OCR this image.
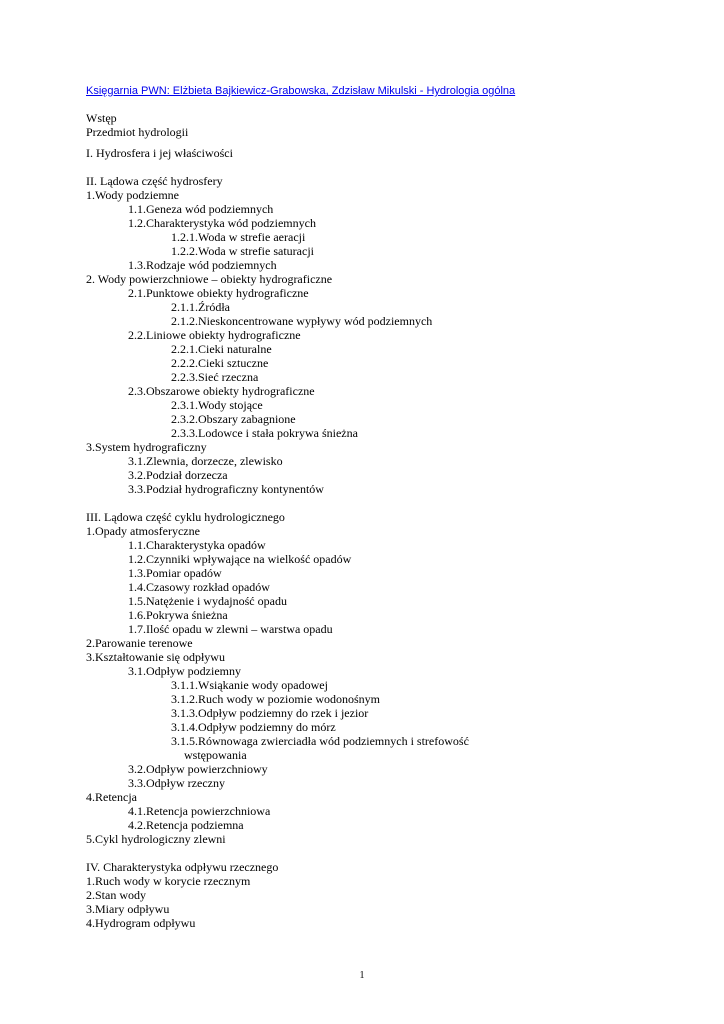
Księgarnia PWN: Elżbieta Bajkiewicz-Grabowska, Zdzisław Mikulski - Hydrologia ogólna
Wstęp
Przedmiot hydrologii
I. Hydrosfera i jej właściwości
II. Lądowa część hydrosfery
1.Wody podziemne
1.1.Geneza wód podziemnych
1.2.Charakterystyka wód podziemnych
1.2.1.Woda w strefie aeracji
1.2.2.Woda w strefie saturacji
1.3.Rodzaje wód podziemnych
2. Wody powierzchniowe – obiekty hydrograficzne
2.1.Punktowe obiekty hydrograficzne
2.1.1.Źródła
2.1.2.Nieskoncentrowane wypływy wód podziemnych
2.2.Liniowe obiekty hydrograficzne
2.2.1.Cieki naturalne
2.2.2.Cieki sztuczne
2.2.3.Sieć rzeczna
2.3.Obszarowe obiekty hydrograficzne
2.3.1.Wody stojące
2.3.2.Obszary zabagnione
2.3.3.Lodowce i stała pokrywa śnieżna
3.System hydrograficzny
3.1.Zlewnia, dorzecze, zlewisko
3.2.Podział dorzecza
3.3.Podział hydrograficzny kontynentów
III. Lądowa część cyklu hydrologicznego
1.Opady atmosferyczne
1.1.Charakterystyka opadów
1.2.Czynniki wpływające na wielkość opadów
1.3.Pomiar opadów
1.4.Czasowy rozkład opadów
1.5.Natężenie i wydajność opadu
1.6.Pokrywa śnieżna
1.7.Ilość opadu w zlewni – warstwa opadu
2.Parowanie terenowe
3.Kształtowanie się odpływu
3.1.Odpływ podziemny
3.1.1.Wsiąkanie wody opadowej
3.1.2.Ruch wody w poziomie wodonośnym
3.1.3.Odpływ podziemny do rzek i jezior
3.1.4.Odpływ podziemny do mórz
3.1.5.Równowaga zwierciadła wód podziemnych i strefowość
wstępowania
3.2.Odpływ powierzchniowy
3.3.Odpływ rzeczny
4.Retencja
4.1.Retencja powierzchniowa
4.2.Retencja podziemna
5.Cykl hydrologiczny zlewni
IV. Charakterystyka odpływu rzecznego
1.Ruch wody w korycie rzecznym
2.Stan wody
3.Miary odpływu
4.Hydrogram odpływu
1
